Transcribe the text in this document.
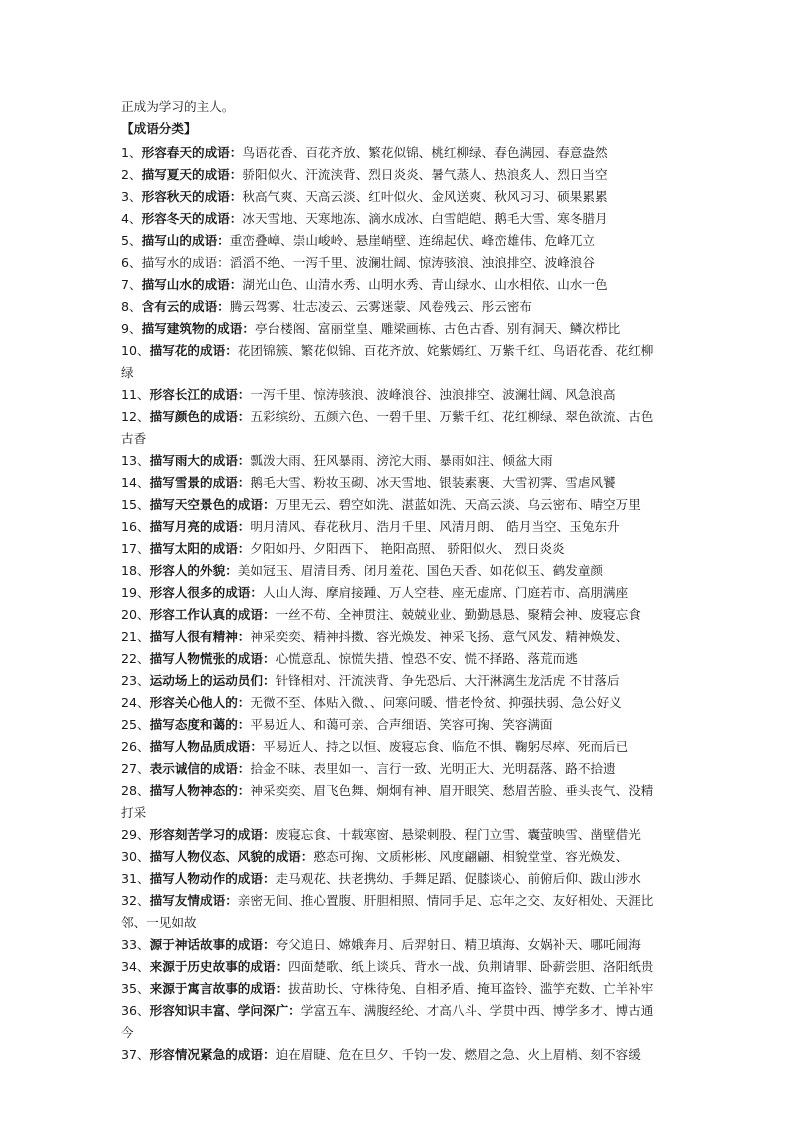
正成为学习的主人。
【成语分类】
1、形容春天的成语：鸟语花香、百花齐放、繁花似锦、桃红柳绿、春色满园、春意盎然
2、描写夏天的成语：骄阳似火、汗流浃背、烈日炎炎、暑气蒸人、热浪炙人、烈日当空
3、形容秋天的成语：秋高气爽、天高云淡、红叶似火、金风送爽、秋风习习、硕果累累
4、形容冬天的成语：冰天雪地、天寒地冻、滴水成冰、白雪皑皑、鹅毛大雪、寒冬腊月
5、描写山的成语：重峦叠嶂、崇山峻岭、悬崖峭壁、连绵起伏、峰峦雄伟、危峰兀立
6、描写水的成语：滔滔不绝、一泻千里、波澜壮阔、惊涛骇浪、浊浪排空、波峰浪谷
7、描写山水的成语：湖光山色、山清水秀、山明水秀、青山绿水、山水相依、山水一色
8、含有云的成语：腾云驾雾、壮志凌云、云雾迷蒙、风卷残云、彤云密布
9、描写建筑物的成语：亭台楼阁、富丽堂皇、雕梁画栋、古色古香、别有洞天、鳞次栉比
10、描写花的成语：花团锦簇、繁花似锦、百花齐放、姹紫嫣红、万紫千红、鸟语花香、花红柳
绿
11、形容长江的成语：一泻千里、惊涛骇浪、波峰浪谷、浊浪排空、波澜壮阔、风急浪高
12、描写颜色的成语：五彩缤纷、五颜六色、一碧千里、万紫千红、花红柳绿、翠色欲流、古色
古香
13、描写雨大的成语：瓢泼大雨、狂风暴雨、滂沱大雨、暴雨如注、倾盆大雨
14、描写雪景的成语：鹅毛大雪、粉妆玉砌、冰天雪地、银装素裹、大雪初霁、雪虐风饕
15、描写天空景色的成语：万里无云、碧空如洗、湛蓝如洗、天高云淡、乌云密布、晴空万里
16、描写月亮的成语：明月清风、春花秋月、浩月千里、风清月朗、 皓月当空、玉兔东升
17、描写太阳的成语：夕阳如丹、夕阳西下、 艳阳高照、 骄阳似火、 烈日炎炎
18、形容人的外貌：美如冠玉、眉清目秀、闭月羞花、国色天香、如花似玉、鹤发童颜
19、形容人很多的成语：人山人海、摩肩接踵、万人空巷、座无虚席、门庭若市、高朋满座
20、形容工作认真的成语：一丝不苟、全神贯注、兢兢业业、勤勤恳恳、聚精会神、废寝忘食
21、描写人很有精神：神采奕奕、精神抖擞、容光焕发、神采飞扬、意气风发、精神焕发、
22、描写人物慌张的成语：心慌意乱、惊慌失措、惶恐不安、慌不择路、落荒而逃
23、运动场上的运动员们：针锋相对、汗流浃背、争先恐后、大汗淋漓生龙活虎 不甘落后
24、形容关心他人的：无微不至、体贴入微、、问寒问暖、惜老怜贫、抑强扶弱、急公好义
25、描写态度和蔼的：平易近人、和蔼可亲、合声细语、笑容可掬、笑容满面
26、描写人物品质成语：平易近人、持之以恒、废寝忘食、临危不惧、鞠躬尽瘁、死而后已
27、表示诚信的成语：拾金不昧、表里如一、言行一致、光明正大、光明磊落、路不拾遗
28、描写人物神态的：神采奕奕、眉飞色舞、炯炯有神、眉开眼笑、愁眉苦脸、垂头丧气、没精
打采
29、形容刻苦学习的成语：废寝忘食、十载寒窗、悬梁刺股、程门立雪、囊萤映雪、凿壁借光
30、描写人物仪态、风貌的成语：憨态可掬、文质彬彬、风度翩翩、相貌堂堂、容光焕发、
31、描写人物动作的成语：走马观花、扶老携幼、手舞足蹈、促膝谈心、前俯后仰、跋山涉水
32、描写友情成语：亲密无间、推心置腹、肝胆相照、情同手足、忘年之交、友好相处、天涯比
邻、一见如故
33、源于神话故事的成语：夸父追日、嫦娥奔月、后羿射日、精卫填海、女娲补天、哪吒闹海
34、来源于历史故事的成语：四面楚歌、纸上谈兵、背水一战、负荆请罪、卧薪尝胆、洛阳纸贵
35、来源于寓言故事的成语：拔苗助长、守株待兔、自相矛盾、掩耳盗铃、滥竽充数、亡羊补牢
36、形容知识丰富、学问深广：学富五车、满腹经纶、才高八斗、学贯中西、博学多才、博古通
今
37、形容情况紧急的成语：迫在眉睫、危在旦夕、千钧一发、燃眉之急、火上眉梢、刻不容缓
